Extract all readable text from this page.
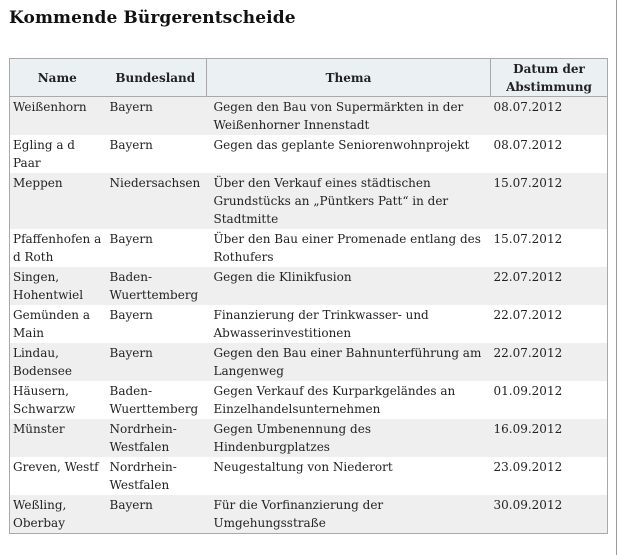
Kommende Bürgerentscheide
Name	Bundesland	Thema	Datum der Abstimmung
Weißenhorn	Bayern	Gegen den Bau von Supermärkten in der Weißenhorner Innenstadt	08.07.2012
Egling a d Paar	Bayern	Gegen das geplante Seniorenwohnprojekt	08.07.2012
Meppen	Niedersachsen	Über den Verkauf eines städtischen Grundstücks an „Püntkers Patt“ in der Stadtmitte	15.07.2012
Pfaffenhofen a d Roth	Bayern	Über den Bau einer Promenade entlang des Rothufers	15.07.2012
Singen, Hohentwiel	Baden-Wuerttemberg	Gegen die Klinikfusion	22.07.2012
Gemünden a Main	Bayern	Finanzierung der Trinkwasser- und Abwasserinvestitionen	22.07.2012
Lindau, Bodensee	Bayern	Gegen den Bau einer Bahnunterführung am Langenweg	22.07.2012
Häusern, Schwarzw	Baden-Wuerttemberg	Gegen Verkauf des Kurparkgeländes an Einzelhandelsunternehmen	01.09.2012
Münster	Nordrhein-Westfalen	Gegen Umbenennung des Hindenburgplatzes	16.09.2012
Greven, Westf	Nordrhein-Westfalen	Neugestaltung von Niederort	23.09.2012
Weßling, Oberbay	Bayern	Für die Vorfinanzierung der Umgehungsstraße	30.09.2012
